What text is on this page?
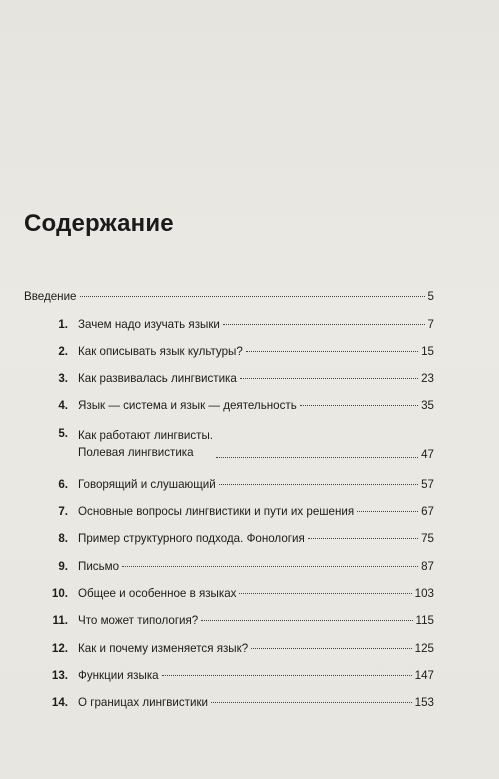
Содержание
Введение	5
1. Зачем надо изучать языки	7
2. Как описывать язык культуры?	15
3. Как развивалась лингвистика	23
4. Язык — система и язык — деятельность	35
5. Как работают лингвисты.
Полевая лингвистика	47
6. Говорящий и слушающий	57
7. Основные вопросы лингвистики и пути их решения	67
8. Пример структурного подхода. Фонология	75
9. Письмо	87
10. Общее и особенное в языках	103
11. Что может типология?	115
12. Как и почему изменяется язык?	125
13. Функции языка	147
14. О границах лингвистики	153
